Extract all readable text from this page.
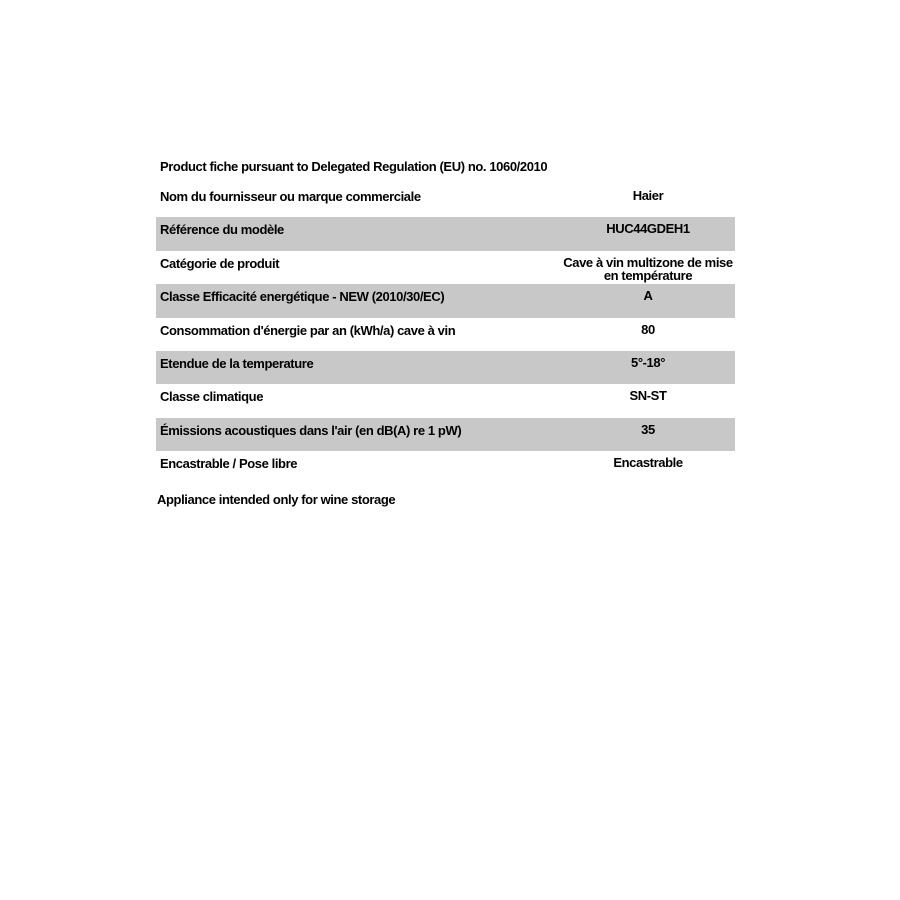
Product fiche pursuant to Delegated Regulation (EU) no. 1060/2010
Nom du fournisseur ou marque commerciale	Haier
Référence du modèle	HUC44GDEH1
Catégorie de produit	Cave à vin multizone de mise en température
Classe Efficacité energétique - NEW (2010/30/EC)	A
Consommation d'énergie par an (kWh/a) cave à vin	80
Etendue de la temperature	5°-18°
Classe climatique	SN-ST
Émissions acoustiques dans l'air (en dB(A) re 1 pW)	35
Encastrable / Pose libre	Encastrable
Appliance intended only for wine storage
